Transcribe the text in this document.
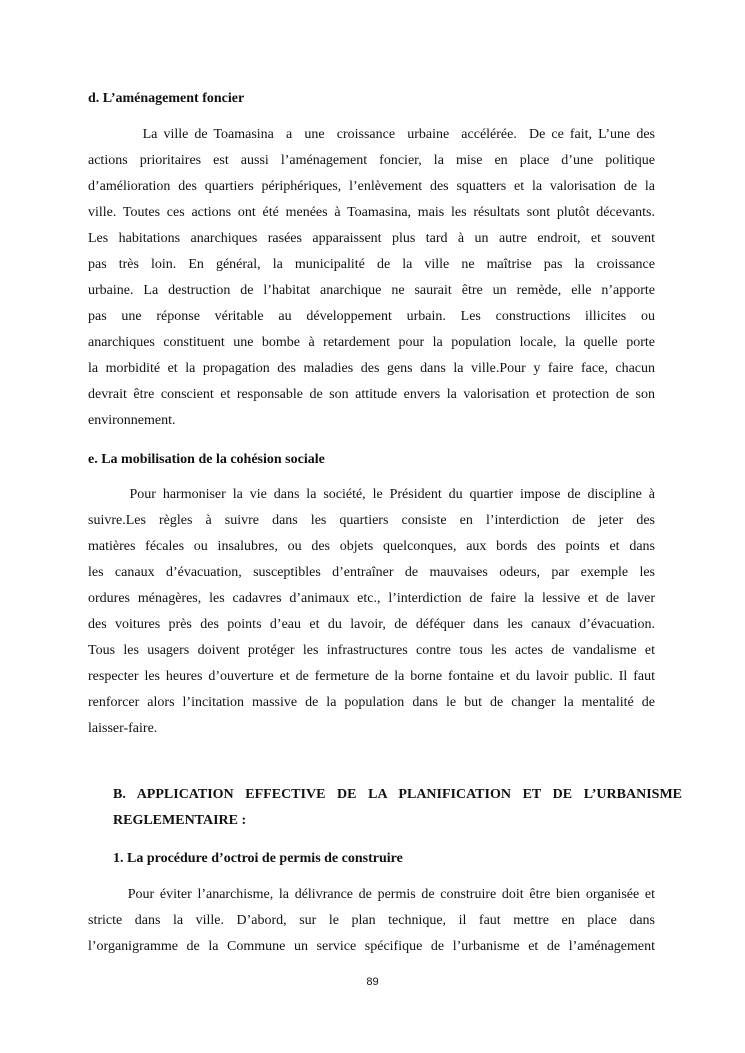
d. L’aménagement foncier
La ville de Toamasina  a  une  croissance  urbaine  accélérée.  De ce fait, L’une des
actions prioritaires est aussi l’aménagement foncier, la mise en place d’une politique
d’amélioration des quartiers périphériques, l’enlèvement des squatters et la valorisation de la
ville. Toutes ces actions ont été menées à Toamasina, mais les résultats sont plutôt décevants.
Les habitations anarchiques rasées apparaissent plus tard à un autre endroit, et souvent
pas très loin. En général, la municipalité de la ville ne maîtrise pas la croissance
urbaine. La destruction de l’habitat anarchique ne saurait être un remède, elle n’apporte
pas une réponse véritable au développement urbain. Les constructions illicites ou
anarchiques constituent une bombe à retardement pour la population locale, la quelle porte
la morbidité et la propagation des maladies des gens dans la ville.Pour y faire face, chacun
devrait être conscient et responsable de son attitude envers la valorisation et protection de son
environnement.
e. La mobilisation de la cohésion sociale
Pour harmoniser la vie dans la société, le Président du quartier impose de discipline à
suivre.Les règles à suivre dans les quartiers consiste en l’interdiction de jeter des
matières fécales ou insalubres, ou des objets quelconques, aux bords des points et dans
les canaux d’évacuation, susceptibles d’entraîner de mauvaises odeurs, par exemple les
ordures ménagères, les cadavres d’animaux etc., l’interdiction de faire la lessive et de laver
des voitures près des points d’eau et du lavoir, de déféquer dans les canaux d’évacuation.
Tous les usagers doivent protéger les infrastructures contre tous les actes de vandalisme et
respecter les heures d’ouverture et de fermeture de la borne fontaine et du lavoir public. Il faut
renforcer alors l’incitation massive de la population dans le but de changer la mentalité de
laisser-faire.
B. APPLICATION EFFECTIVE DE LA PLANIFICATION ET DE L’URBANISME
REGLEMENTAIRE :
1. La procédure d’octroi de permis de construire
Pour éviter l’anarchisme, la délivrance de permis de construire doit être bien organisée et
stricte dans la ville. D’abord, sur le plan technique, il faut mettre en place dans
l’organigramme de la Commune un service spécifique de l’urbanisme et de l’aménagement
89
